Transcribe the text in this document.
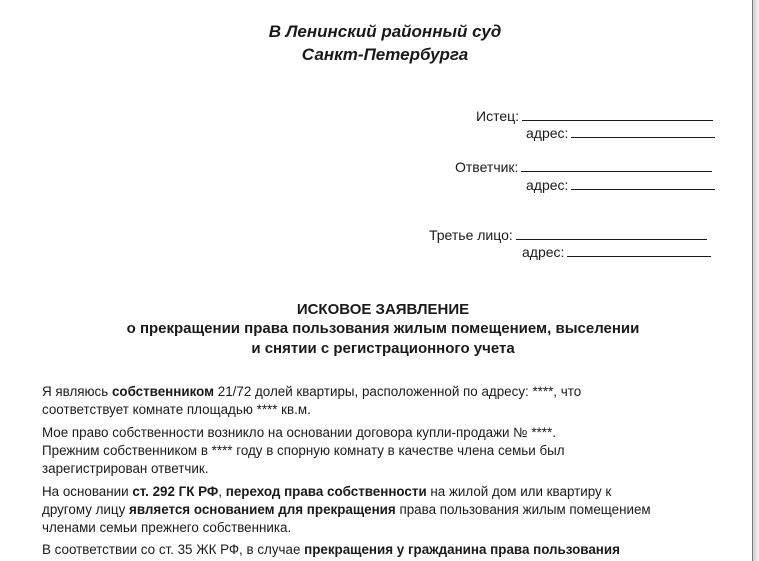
В Ленинский районный суд
Санкт-Петербурга
Истец:
адрес:
Ответчик:
адрес:
Третье лицо:
адрес:
ИСКОВОЕ ЗАЯВЛЕНИЕ
о прекращении права пользования жилым помещением, выселении
и снятии с регистрационного учета
Я являюсь собственником 21/72 долей квартиры, расположенной по адресу: ****, что
соответствует комнате площадью **** кв.м.
Мое право собственности возникло на основании договора купли-продажи № ****.
Прежним собственником в **** году в спорную комнату в качестве члена семьи был
зарегистрирован ответчик.
На основании ст. 292 ГК РФ, переход права собственности на жилой дом или квартиру к
другому лицу является основанием для прекращения права пользования жилым помещением
членами семьи прежнего собственника.
В соответствии со ст. 35 ЖК РФ, в случае прекращения у гражданина права пользования
